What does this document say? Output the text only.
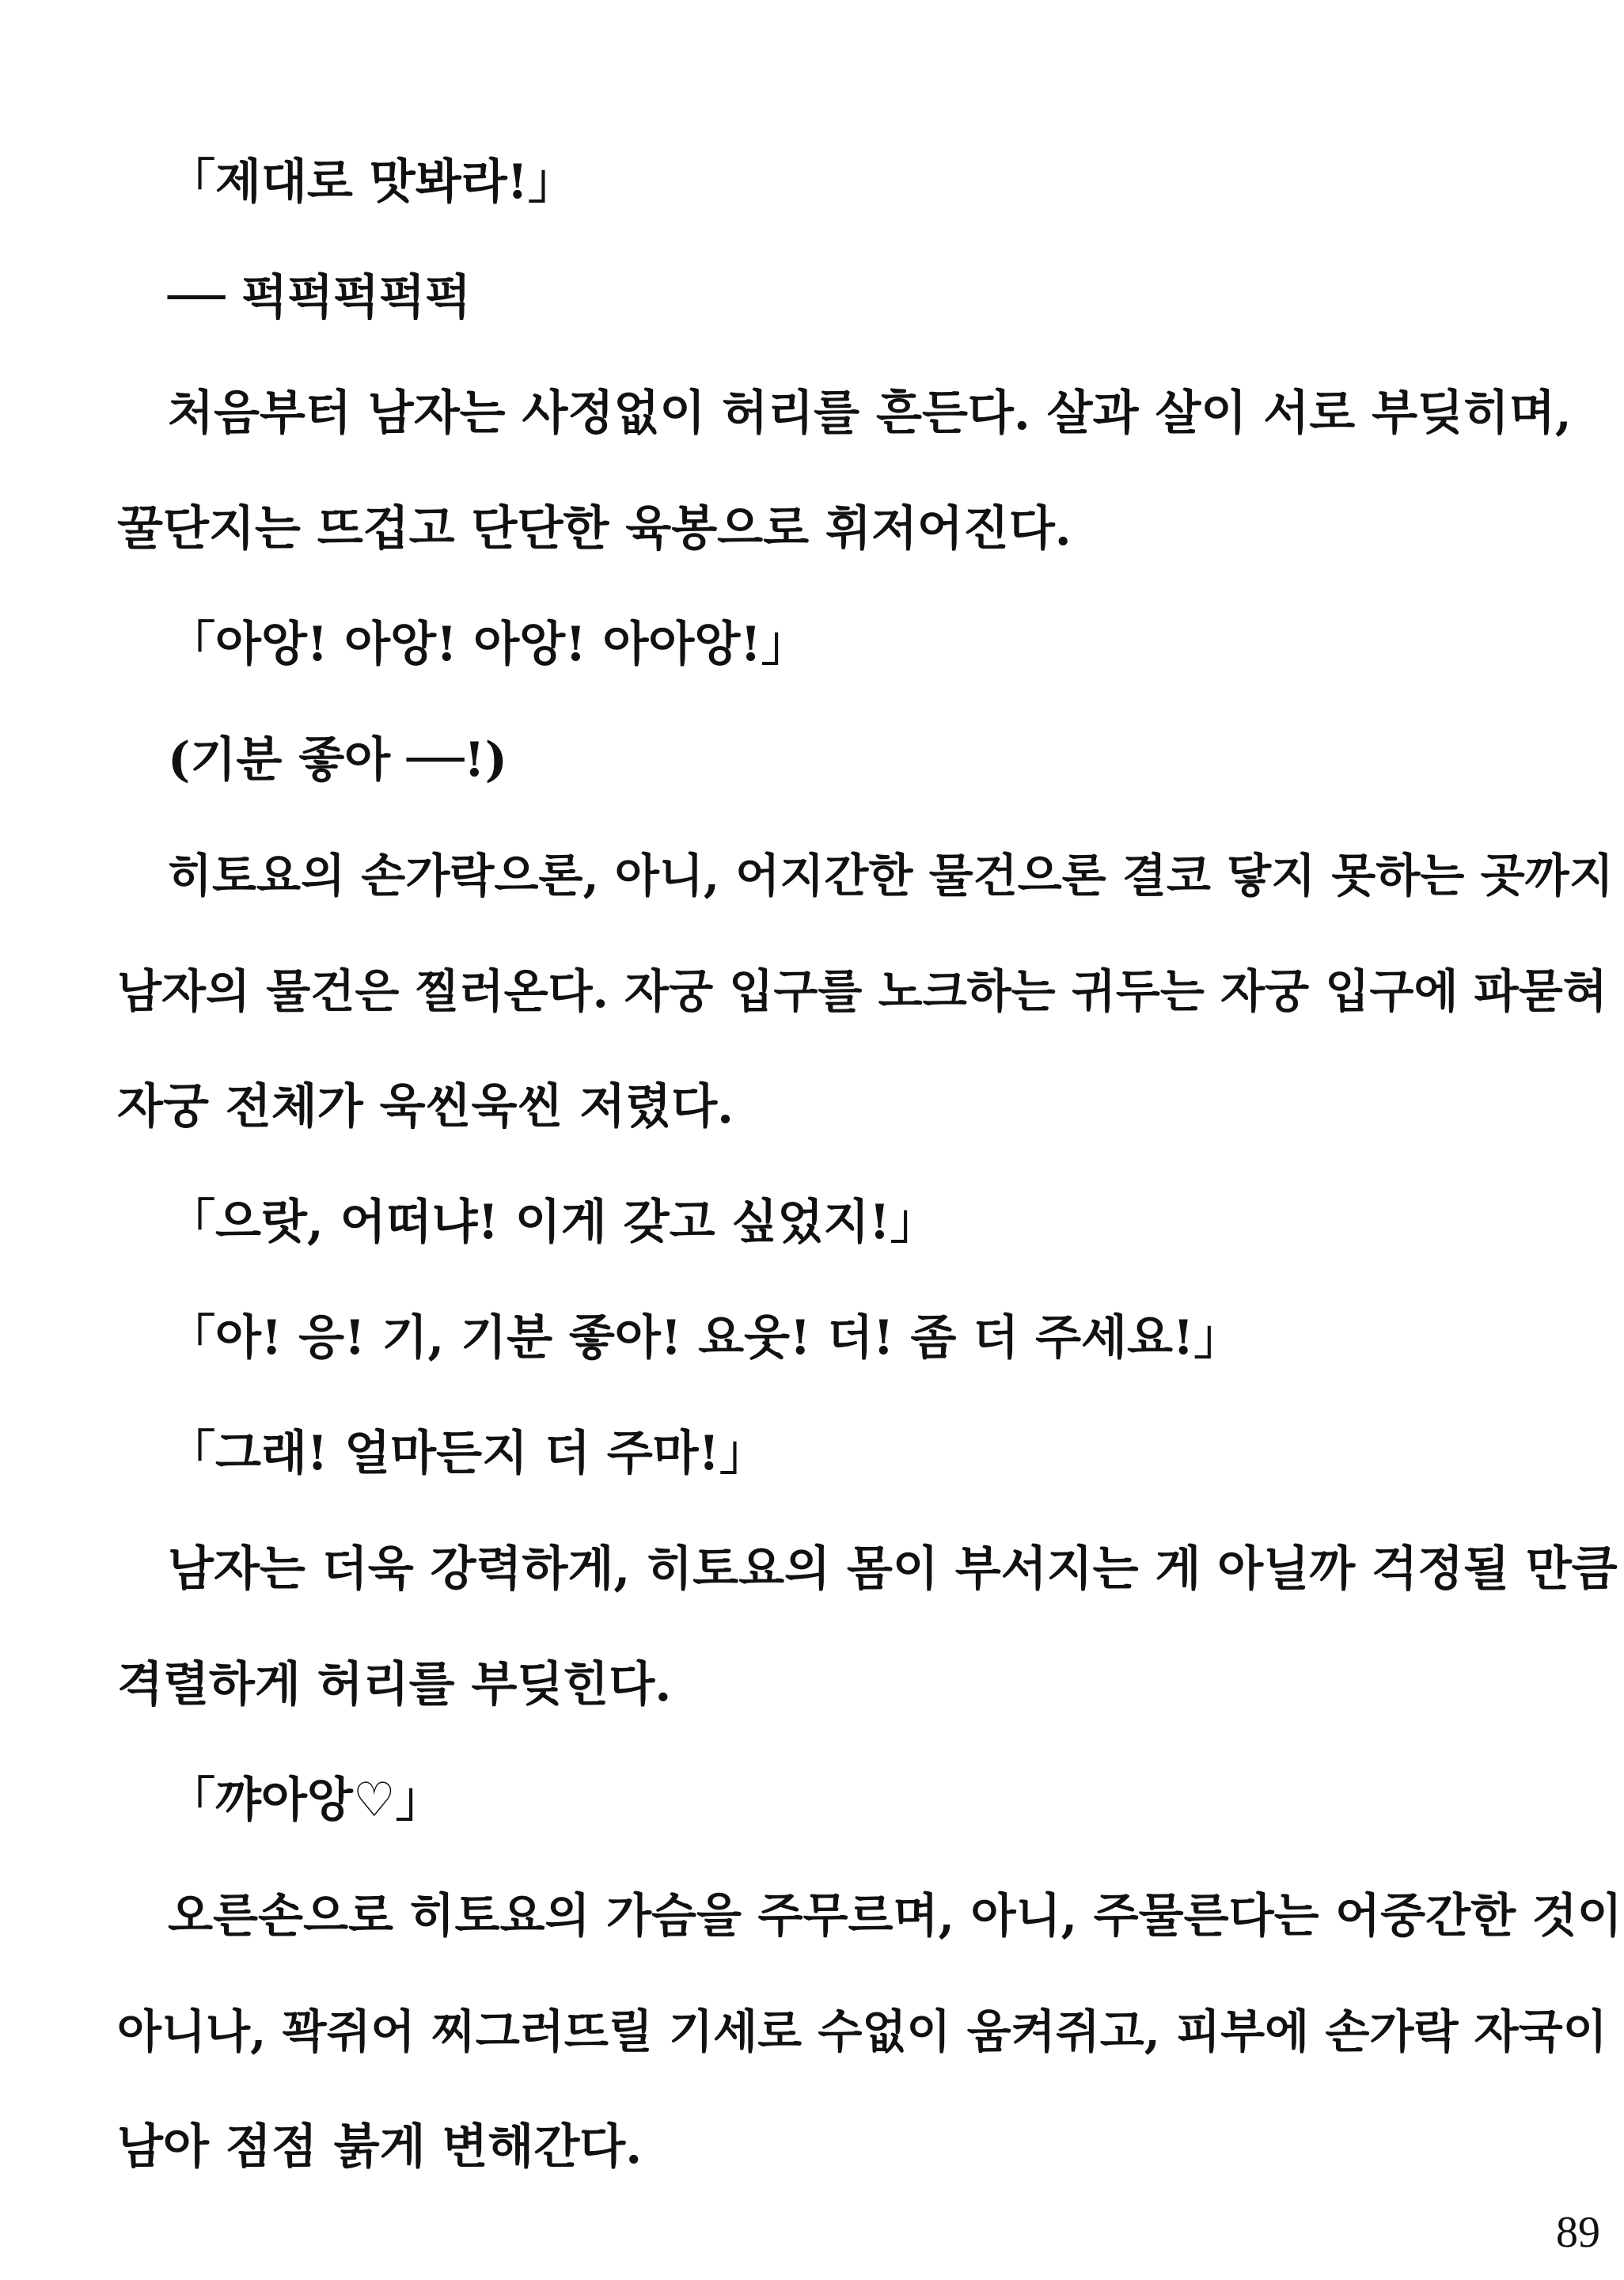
「제대로 맛봐라!」
── 퍽퍽퍽퍽퍽
처음부터 남자는 사정없이 허리를 흔든다. 살과 살이 서로 부딪히며,
꿀단지는 뜨겁고 단단한 육봉으로 휘저어진다.
「아앙! 아앙! 아앙! 아아앙!」
(기분 좋아 ──!)
히토요의 손가락으론, 아니, 어지간한 물건으론 결코 닿지 못하는 곳까지
남자의 물건은 찔러온다. 자궁 입구를 노크하는 귀두는 자궁 입구에 파묻혀
자궁 전체가 욱씬욱씬 저렸다.
「으랏, 어떠냐! 이게 갖고 싶었지!」
「아! 응! 기, 기분 좋아! 요웃! 더! 좀 더 주세요!」
「그래! 얼마든지 더 주마!」
남자는 더욱 강력하게, 히토요의 몸이 부서지는 게 아닐까 걱정될 만큼
격렬하게 허리를 부딪힌다.
「꺄아앙♡」
오른손으로 히토요의 가슴을 주무르며, 아니, 주물른다는 어중간한 것이
아니나, 꽉쥐어 찌그러뜨릴 기세로 수없이 움켜쥐고, 피부에 손가락 자국이
남아 점점 붉게 변해간다.
89
